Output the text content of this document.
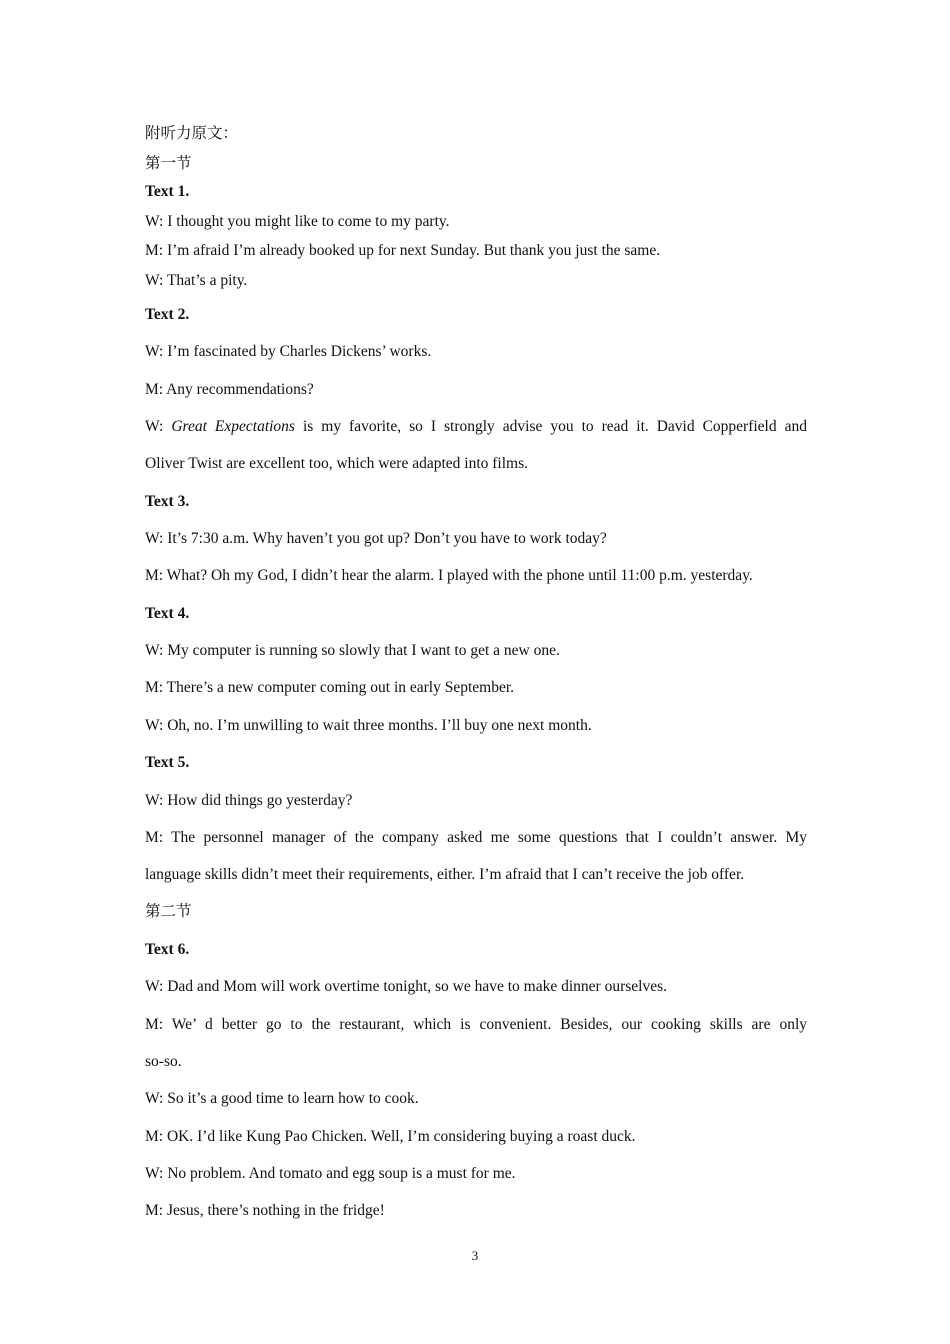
附听力原文：
第一节
Text 1.
W: I thought you might like to come to my party.
M: I’m afraid I’m already booked up for next Sunday. But thank you just the same.
W: That’s a pity.
Text 2.
W: I’m fascinated by Charles Dickens’ works.
M: Any recommendations?
W: Great Expectations is my favorite, so I strongly advise you to read it. David Copperfield and
Oliver Twist are excellent too, which were adapted into films.
Text 3.
W: It’s 7:30 a.m. Why haven’t you got up? Don’t you have to work today?
M: What? Oh my God, I didn’t hear the alarm. I played with the phone until 11:00 p.m. yesterday.
Text 4.
W: My computer is running so slowly that I want to get a new one.
M: There’s a new computer coming out in early September.
W: Oh, no. I’m unwilling to wait three months. I’ll buy one next month.
Text 5.
W: How did things go yesterday?
M: The personnel manager of the company asked me some questions that I couldn’t answer. My
language skills didn’t meet their requirements, either. I’m afraid that I can’t receive the job offer.
第二节
Text 6.
W: Dad and Mom will work overtime tonight, so we have to make dinner ourselves.
M: We’ d better go to the restaurant, which is convenient. Besides, our cooking skills are only
so-so.
W: So it’s a good time to learn how to cook.
M: OK. I’d like Kung Pao Chicken. Well, I’m considering buying a roast duck.
W: No problem. And tomato and egg soup is a must for me.
M: Jesus, there’s nothing in the fridge!
3
